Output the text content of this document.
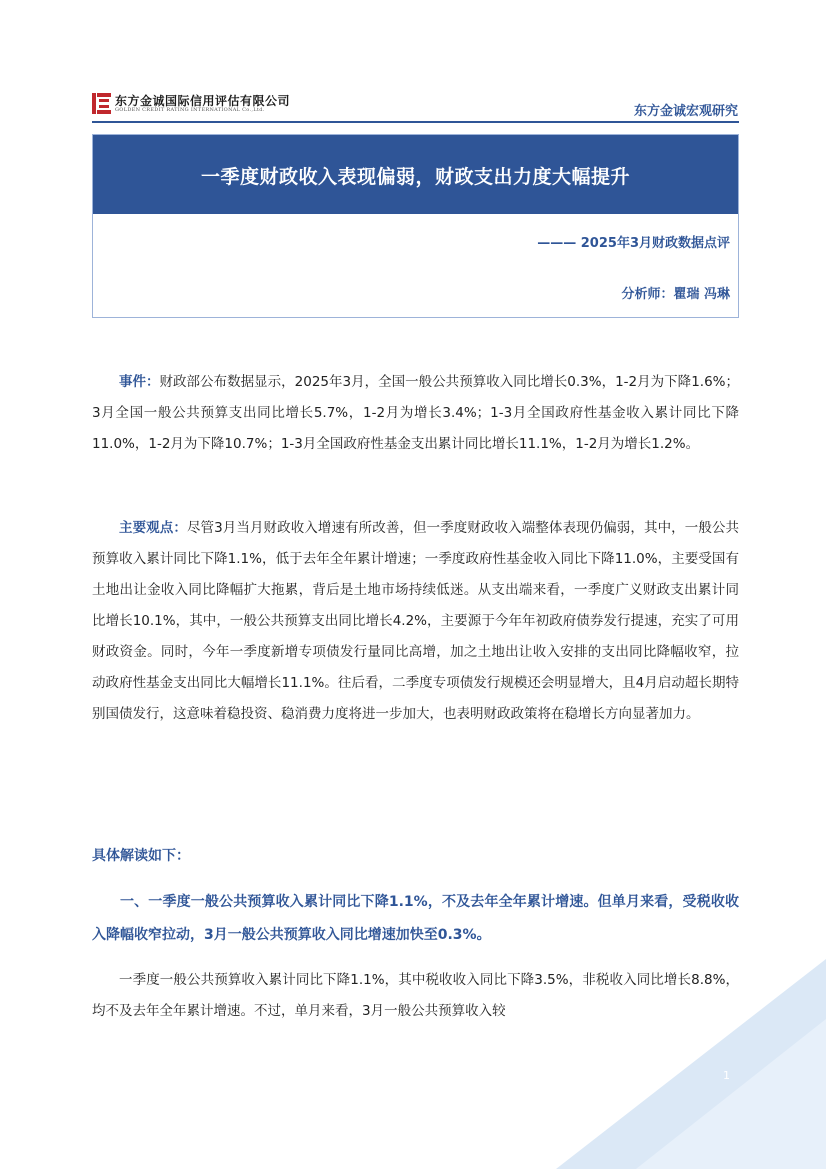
东方金诚国际信用评估有限公司
GOLDEN CREDIT RATING INTERNATIONAL Co.,Ltd.	东方金诚宏观研究
一季度财政收入表现偏弱，财政支出力度大幅提升
——— 2025年3月财政数据点评
分析师：瞿瑞 冯琳

事件：财政部公布数据显示，2025年3月，全国一般公共预算收入同比增长0.3%，1-2月为下降1.6%；3月全国一般公共预算支出同比增长5.7%，1-2月为增长3.4%；1-3月全国政府性基金收入累计同比下降11.0%，1-2月为下降10.7%；1-3月全国政府性基金支出累计同比增长11.1%，1-2月为增长1.2%。

主要观点：尽管3月当月财政收入增速有所改善，但一季度财政收入端整体表现仍偏弱，其中，一般公共预算收入累计同比下降1.1%，低于去年全年累计增速；一季度政府性基金收入同比下降11.0%，主要受国有土地出让金收入同比降幅扩大拖累，背后是土地市场持续低迷。从支出端来看，一季度广义财政支出累计同比增长10.1%，其中，一般公共预算支出同比增长4.2%，主要源于今年年初政府债券发行提速，充实了可用财政资金。同时，今年一季度新增专项债发行量同比高增，加之土地出让收入安排的支出同比降幅收窄，拉动政府性基金支出同比大幅增长11.1%。往后看，二季度专项债发行规模还会明显增大，且4月启动超长期特别国债发行，这意味着稳投资、稳消费力度将进一步加大，也表明财政政策将在稳增长方向显著加力。

具体解读如下：

一、一季度一般公共预算收入累计同比下降1.1%，不及去年全年累计增速。但单月来看，受税收收入降幅收窄拉动，3月一般公共预算收入同比增速加快至0.3%。

一季度一般公共预算收入累计同比下降1.1%，其中税收收入同比下降3.5%，非税收入同比增长8.8%，均不及去年全年累计增速。不过，单月来看，3月一般公共预算收入较

1
